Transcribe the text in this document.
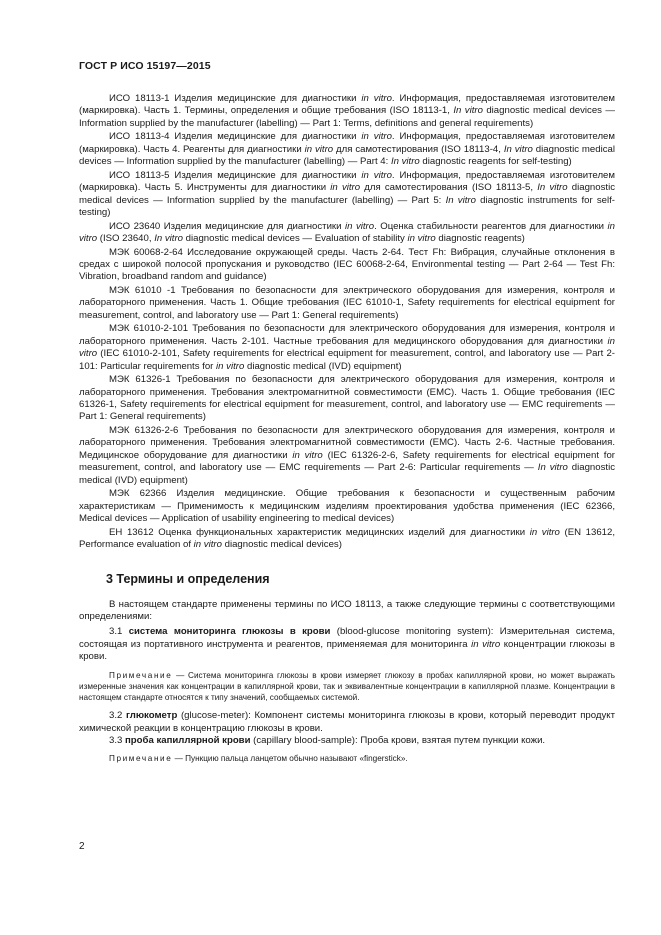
ГОСТ Р ИСО 15197—2015

ИСО 18113-1 Изделия медицинские для диагностики in vitro. Информация, предоставляемая изготовителем (маркировка). Часть 1. Термины, определения и общие требования (ISO 18113-1, In vitro diagnostic medical devices — Information supplied by the manufacturer (labelling) — Part 1: Terms, definitions and general requirements)

ИСО 18113-4 Изделия медицинские для диагностики in vitro. Информация, предоставляемая изготовителем (маркировка). Часть 4. Реагенты для диагностики in vitro для самотестирования (ISO 18113-4, In vitro diagnostic medical devices — Information supplied by the manufacturer (labelling) — Part 4: In vitro diagnostic reagents for self-testing)

ИСО 18113-5 Изделия медицинские для диагностики in vitro. Информация, предоставляемая изготовителем (маркировка). Часть 5. Инструменты для диагностики in vitro для самотестирования (ISO 18113-5, In vitro diagnostic medical devices — Information supplied by the manufacturer (labelling) — Part 5: In vitro diagnostic instruments for self-testing)

ИСО 23640 Изделия медицинские для диагностики in vitro. Оценка стабильности реагентов для диагностики in vitro (ISO 23640, In vitro diagnostic medical devices — Evaluation of stability in vitro diagnostic reagents)

МЭК 60068-2-64 Исследование окружающей среды. Часть 2-64. Тест Fh: Вибрация, случайные отклонения в средах с широкой полосой пропускания и руководство (IEC 60068-2-64, Environmental testing — Part 2-64 — Test Fh: Vibration, broadband random and guidance)

МЭК 61010 -1 Требования по безопасности для электрического оборудования для измерения, контроля и лабораторного применения. Часть 1. Общие требования (IEC 61010-1, Safety requirements for electrical equipment for measurement, control, and laboratory use — Part 1: General requirements)

МЭК 61010-2-101 Требования по безопасности для электрического оборудования для измерения, контроля и лабораторного применения. Часть 2-101. Частные требования для медицинского оборудования для диагностики in vitro (IEC 61010-2-101, Safety requirements for electrical equipment for measurement, control, and laboratory use — Part 2-101: Particular requirements for in vitro diagnostic medical (IVD) equipment)

МЭК 61326-1 Требования по безопасности для электрического оборудования для измерения, контроля и лабораторного применения. Требования электромагнитной совместимости (EMC). Часть 1. Общие требования (IEC 61326-1, Safety requirements for electrical equipment for measurement, control, and laboratory use — EMC requirements — Part 1: General requirements)

МЭК 61326-2-6 Требования по безопасности для электрического оборудования для измерения, контроля и лабораторного применения. Требования электромагнитной совместимости (EMC). Часть 2-6. Частные требования. Медицинское оборудование для диагностики in vitro (IEC 61326-2-6, Safety requirements for electrical equipment for measurement, control, and laboratory use — EMC requirements — Part 2-6: Particular requirements — In vitro diagnostic medical (IVD) equipment)

МЭК 62366 Изделия медицинские. Общие требования к безопасности и существенным рабочим характеристикам — Применимость к медицинским изделиям проектирования удобства применения (IEC 62366, Medical devices — Application of usability engineering to medical devices)

ЕН 13612 Оценка функциональных характеристик медицинских изделий для диагностики in vitro (EN 13612, Performance evaluation of in vitro diagnostic medical devices)

3 Термины и определения

В настоящем стандарте применены термины по ИСО 18113, а также следующие термины с соответствующими определениями:

3.1 система мониторинга глюкозы в крови (blood-glucose monitoring system): Измерительная система, состоящая из портативного инструмента и реагентов, применяемая для мониторинга in vitro концентрации глюкозы в крови.

Примечание — Система мониторинга глюкозы в крови измеряет глюкозу в пробах капиллярной крови, но может выражать измеренные значения как концентрации в капиллярной крови, так и эквивалентные концентрации в капиллярной плазме. Концентрации в настоящем стандарте относятся к типу значений, сообщаемых системой.

3.2 глюкометр (glucose-meter): Компонент системы мониторинга глюкозы в крови, который переводит продукт химической реакции в концентрацию глюкозы в крови.

3.3 проба капиллярной крови (capillary blood-sample): Проба крови, взятая путем пункции кожи.

Примечание — Пункцию пальца ланцетом обычно называют «fingerstick».

2
